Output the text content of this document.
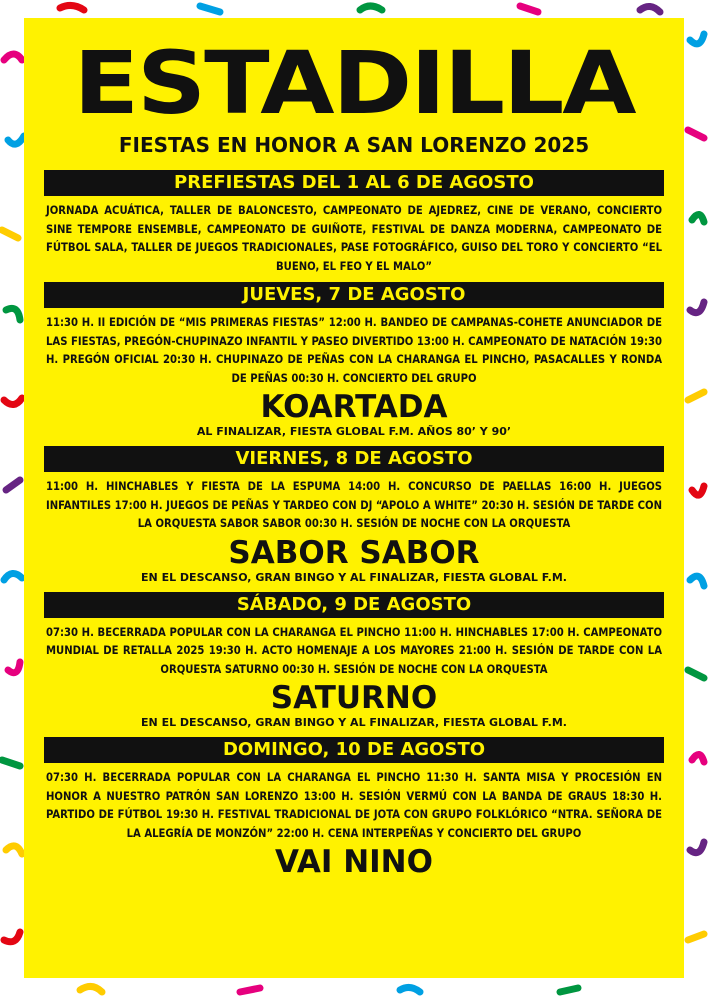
ESTADILLA
FIESTAS EN HONOR A SAN LORENZO 2025
PREFIESTAS DEL 1 AL 6 DE AGOSTO
JORNADA ACUÁTICA, TALLER DE BALONCESTO, CAMPEONATO DE AJEDREZ, CINE DE VERANO, CONCIERTO SINE TEMPORE ENSEMBLE, CAMPEONATO DE GUIÑOTE, FESTIVAL DE DANZA MODERNA, CAMPEONATO DE FÚTBOL SALA, TALLER DE JUEGOS TRADICIONALES, PASE FOTOGRÁFICO, GUISO DEL TORO Y CONCIERTO “EL BUENO, EL FEO Y EL MALO”
JUEVES, 7 DE AGOSTO
11:30 H. II EDICIÓN DE “MIS PRIMERAS FIESTAS” 12:00 H. BANDEO DE CAMPANAS-COHETE ANUNCIADOR DE LAS FIESTAS, PREGÓN-CHUPINAZO INFANTIL Y PASEO DIVERTIDO 13:00 H. CAMPEONATO DE NATACIÓN 19:30 H. PREGÓN OFICIAL 20:30 H. CHUPINAZO DE PEÑAS CON LA CHARANGA EL PINCHO, PASACALLES Y RONDA DE PEÑAS 00:30 H. CONCIERTO DEL GRUPO
KOARTADA
AL FINALIZAR, FIESTA GLOBAL F.M. AÑOS 80’ Y 90’
VIERNES, 8 DE AGOSTO
11:00 H. HINCHABLES Y FIESTA DE LA ESPUMA 14:00 H. CONCURSO DE PAELLAS 16:00 H. JUEGOS INFANTILES 17:00 H. JUEGOS DE PEÑAS Y TARDEO CON DJ “APOLO A WHITE” 20:30 H. SESIÓN DE TARDE CON LA ORQUESTA SABOR SABOR 00:30 H. SESIÓN DE NOCHE CON LA ORQUESTA
SABOR SABOR
EN EL DESCANSO, GRAN BINGO Y AL FINALIZAR, FIESTA GLOBAL F.M.
SÁBADO, 9 DE AGOSTO
07:30 H. BECERRADA POPULAR CON LA CHARANGA EL PINCHO 11:00 H. HINCHABLES 17:00 H. CAMPEONATO MUNDIAL DE RETALLA 2025 19:30 H. ACTO HOMENAJE A LOS MAYORES 21:00 H. SESIÓN DE TARDE CON LA ORQUESTA SATURNO 00:30 H. SESIÓN DE NOCHE CON LA ORQUESTA
SATURNO
EN EL DESCANSO, GRAN BINGO Y AL FINALIZAR, FIESTA GLOBAL F.M.
DOMINGO, 10 DE AGOSTO
07:30 H. BECERRADA POPULAR CON LA CHARANGA EL PINCHO 11:30 H. SANTA MISA Y PROCESIÓN EN HONOR A NUESTRO PATRÓN SAN LORENZO 13:00 H. SESIÓN VERMÚ CON LA BANDA DE GRAUS 18:30 H. PARTIDO DE FÚTBOL 19:30 H. FESTIVAL TRADICIONAL DE JOTA CON GRUPO FOLKLÓRICO “NTRA. SEÑORA DE LA ALEGRÍA DE MONZÓN” 22:00 H. CENA INTERPEÑAS Y CONCIERTO DEL GRUPO
VAI NINO
